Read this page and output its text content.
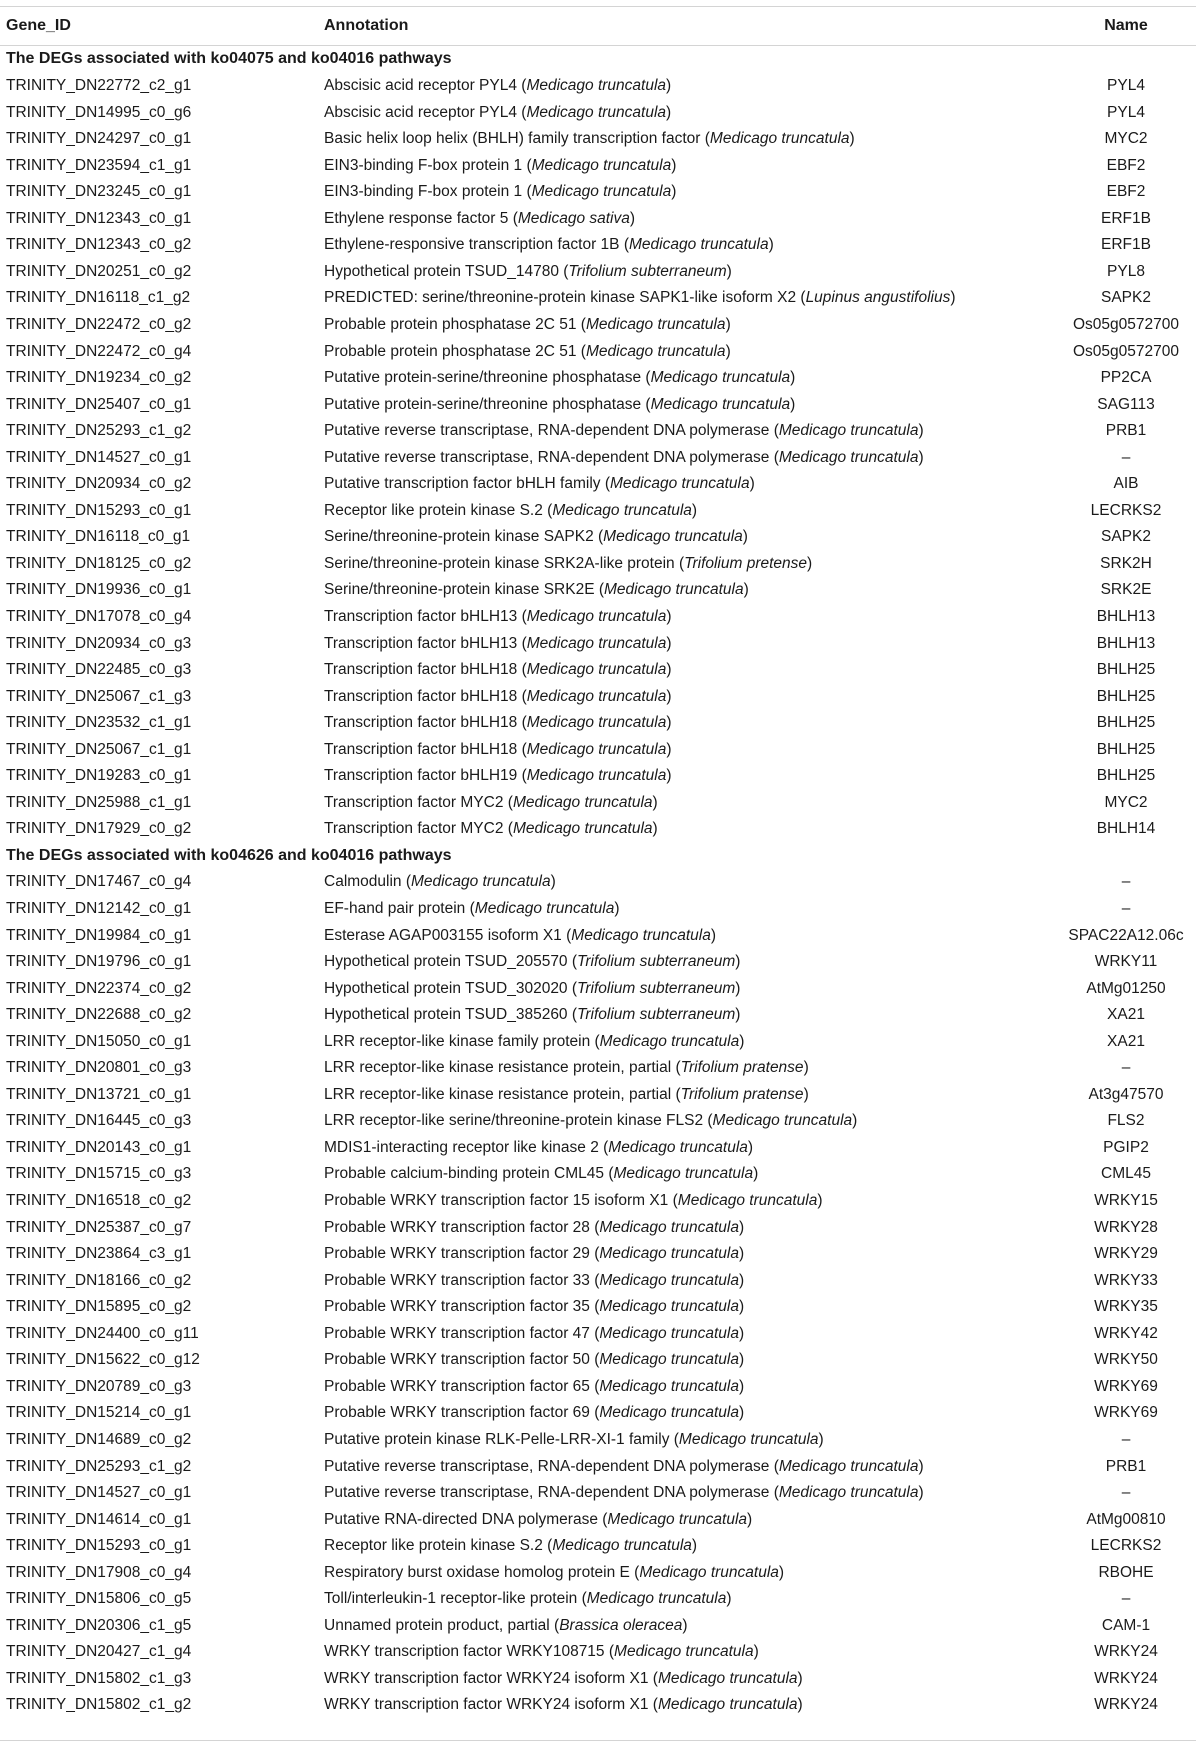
Gene_ID	Annotation	Name
The DEGs associated with ko04075 and ko04016 pathways		
TRINITY_DN22772_c2_g1	Abscisic acid receptor PYL4 (Medicago truncatula)	PYL4
TRINITY_DN14995_c0_g6	Abscisic acid receptor PYL4 (Medicago truncatula)	PYL4
TRINITY_DN24297_c0_g1	Basic helix loop helix (BHLH) family transcription factor (Medicago truncatula)	MYC2
TRINITY_DN23594_c1_g1	EIN3-binding F-box protein 1 (Medicago truncatula)	EBF2
TRINITY_DN23245_c0_g1	EIN3-binding F-box protein 1 (Medicago truncatula)	EBF2
TRINITY_DN12343_c0_g1	Ethylene response factor 5 (Medicago sativa)	ERF1B
TRINITY_DN12343_c0_g2	Ethylene-responsive transcription factor 1B (Medicago truncatula)	ERF1B
TRINITY_DN20251_c0_g2	Hypothetical protein TSUD_14780 (Trifolium subterraneum)	PYL8
TRINITY_DN16118_c1_g2	PREDICTED: serine/threonine-protein kinase SAPK1-like isoform X2 (Lupinus angustifolius)	SAPK2
TRINITY_DN22472_c0_g2	Probable protein phosphatase 2C 51 (Medicago truncatula)	Os05g0572700
TRINITY_DN22472_c0_g4	Probable protein phosphatase 2C 51 (Medicago truncatula)	Os05g0572700
TRINITY_DN19234_c0_g2	Putative protein-serine/threonine phosphatase (Medicago truncatula)	PP2CA
TRINITY_DN25407_c0_g1	Putative protein-serine/threonine phosphatase (Medicago truncatula)	SAG113
TRINITY_DN25293_c1_g2	Putative reverse transcriptase, RNA-dependent DNA polymerase (Medicago truncatula)	PRB1
TRINITY_DN14527_c0_g1	Putative reverse transcriptase, RNA-dependent DNA polymerase (Medicago truncatula)	–
TRINITY_DN20934_c0_g2	Putative transcription factor bHLH family (Medicago truncatula)	AIB
TRINITY_DN15293_c0_g1	Receptor like protein kinase S.2 (Medicago truncatula)	LECRKS2
TRINITY_DN16118_c0_g1	Serine/threonine-protein kinase SAPK2 (Medicago truncatula)	SAPK2
TRINITY_DN18125_c0_g2	Serine/threonine-protein kinase SRK2A-like protein (Trifolium pretense)	SRK2H
TRINITY_DN19936_c0_g1	Serine/threonine-protein kinase SRK2E (Medicago truncatula)	SRK2E
TRINITY_DN17078_c0_g4	Transcription factor bHLH13 (Medicago truncatula)	BHLH13
TRINITY_DN20934_c0_g3	Transcription factor bHLH13 (Medicago truncatula)	BHLH13
TRINITY_DN22485_c0_g3	Transcription factor bHLH18 (Medicago truncatula)	BHLH25
TRINITY_DN25067_c1_g3	Transcription factor bHLH18 (Medicago truncatula)	BHLH25
TRINITY_DN23532_c1_g1	Transcription factor bHLH18 (Medicago truncatula)	BHLH25
TRINITY_DN25067_c1_g1	Transcription factor bHLH18 (Medicago truncatula)	BHLH25
TRINITY_DN19283_c0_g1	Transcription factor bHLH19 (Medicago truncatula)	BHLH25
TRINITY_DN25988_c1_g1	Transcription factor MYC2 (Medicago truncatula)	MYC2
TRINITY_DN17929_c0_g2	Transcription factor MYC2 (Medicago truncatula)	BHLH14
The DEGs associated with ko04626 and ko04016 pathways		
TRINITY_DN17467_c0_g4	Calmodulin (Medicago truncatula)	–
TRINITY_DN12142_c0_g1	EF-hand pair protein (Medicago truncatula)	–
TRINITY_DN19984_c0_g1	Esterase AGAP003155 isoform X1 (Medicago truncatula)	SPAC22A12.06c
TRINITY_DN19796_c0_g1	Hypothetical protein TSUD_205570 (Trifolium subterraneum)	WRKY11
TRINITY_DN22374_c0_g2	Hypothetical protein TSUD_302020 (Trifolium subterraneum)	AtMg01250
TRINITY_DN22688_c0_g2	Hypothetical protein TSUD_385260 (Trifolium subterraneum)	XA21
TRINITY_DN15050_c0_g1	LRR receptor-like kinase family protein (Medicago truncatula)	XA21
TRINITY_DN20801_c0_g3	LRR receptor-like kinase resistance protein, partial (Trifolium pratense)	–
TRINITY_DN13721_c0_g1	LRR receptor-like kinase resistance protein, partial (Trifolium pratense)	At3g47570
TRINITY_DN16445_c0_g3	LRR receptor-like serine/threonine-protein kinase FLS2 (Medicago truncatula)	FLS2
TRINITY_DN20143_c0_g1	MDIS1-interacting receptor like kinase 2 (Medicago truncatula)	PGIP2
TRINITY_DN15715_c0_g3	Probable calcium-binding protein CML45 (Medicago truncatula)	CML45
TRINITY_DN16518_c0_g2	Probable WRKY transcription factor 15 isoform X1 (Medicago truncatula)	WRKY15
TRINITY_DN25387_c0_g7	Probable WRKY transcription factor 28 (Medicago truncatula)	WRKY28
TRINITY_DN23864_c3_g1	Probable WRKY transcription factor 29 (Medicago truncatula)	WRKY29
TRINITY_DN18166_c0_g2	Probable WRKY transcription factor 33 (Medicago truncatula)	WRKY33
TRINITY_DN15895_c0_g2	Probable WRKY transcription factor 35 (Medicago truncatula)	WRKY35
TRINITY_DN24400_c0_g11	Probable WRKY transcription factor 47 (Medicago truncatula)	WRKY42
TRINITY_DN15622_c0_g12	Probable WRKY transcription factor 50 (Medicago truncatula)	WRKY50
TRINITY_DN20789_c0_g3	Probable WRKY transcription factor 65 (Medicago truncatula)	WRKY69
TRINITY_DN15214_c0_g1	Probable WRKY transcription factor 69 (Medicago truncatula)	WRKY69
TRINITY_DN14689_c0_g2	Putative protein kinase RLK-Pelle-LRR-XI-1 family (Medicago truncatula)	–
TRINITY_DN25293_c1_g2	Putative reverse transcriptase, RNA-dependent DNA polymerase (Medicago truncatula)	PRB1
TRINITY_DN14527_c0_g1	Putative reverse transcriptase, RNA-dependent DNA polymerase (Medicago truncatula)	–
TRINITY_DN14614_c0_g1	Putative RNA-directed DNA polymerase (Medicago truncatula)	AtMg00810
TRINITY_DN15293_c0_g1	Receptor like protein kinase S.2 (Medicago truncatula)	LECRKS2
TRINITY_DN17908_c0_g4	Respiratory burst oxidase homolog protein E (Medicago truncatula)	RBOHE
TRINITY_DN15806_c0_g5	Toll/interleukin-1 receptor-like protein (Medicago truncatula)	–
TRINITY_DN20306_c1_g5	Unnamed protein product, partial (Brassica oleracea)	CAM-1
TRINITY_DN20427_c1_g4	WRKY transcription factor WRKY108715 (Medicago truncatula)	WRKY24
TRINITY_DN15802_c1_g3	WRKY transcription factor WRKY24 isoform X1 (Medicago truncatula)	WRKY24
TRINITY_DN15802_c1_g2	WRKY transcription factor WRKY24 isoform X1 (Medicago truncatula)	WRKY24
